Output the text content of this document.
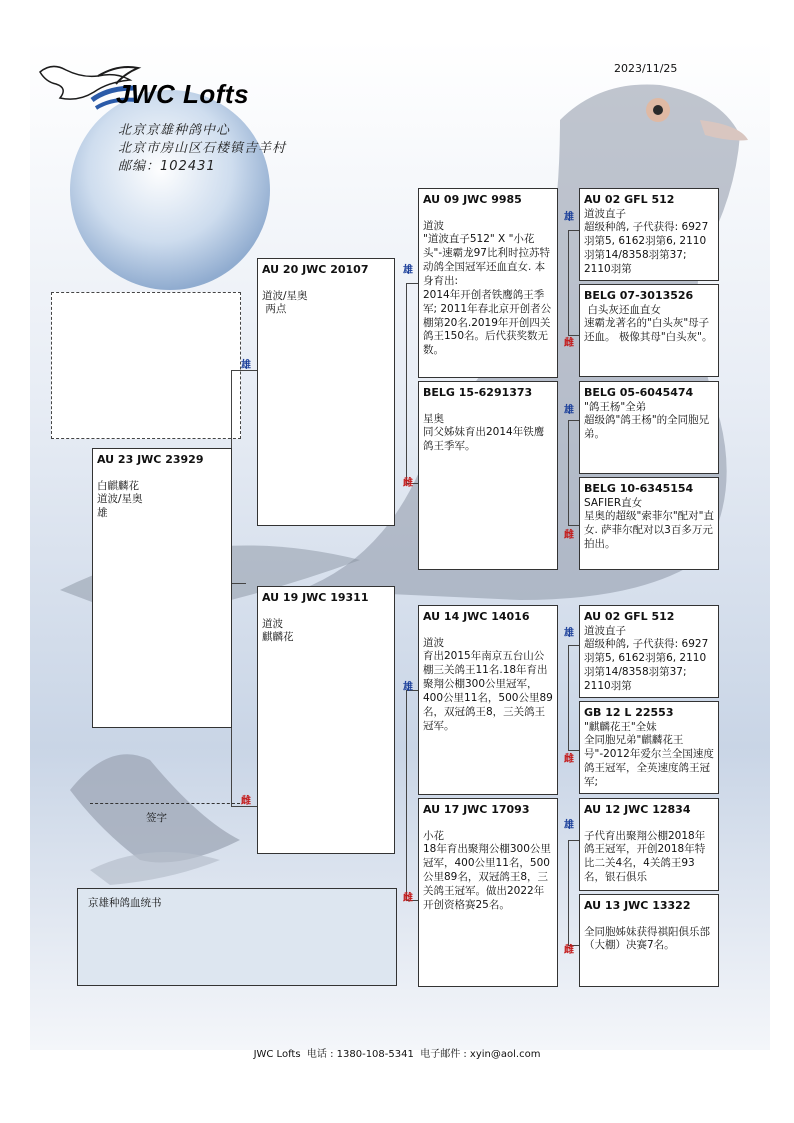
JWC Lofts
北京京雄种鸽中心
北京市房山区石楼镇吉羊村
邮编：102431
2023/11/25
雄
雌
雄
雌
雄
雌
雄
雌
雄
雌
雄
雌
雄
雌
AU 23 JWC 23929
白麒麟花
道波/星奥
雄
AU 20 JWC 20107
道波/星奥
两点
AU 19 JWC 19311
道波
麒麟花
AU 09 JWC 9985
道波
"道波直子512" X "小花头"-速霸龙97比利时拉苏特动鸽全国冠军还血直女. 本身育出:
2014年开创者铁鹰鸽王季军; 2011年春北京开创者公棚第20名.2019年开创四关鸽王150名。后代获奖数无数。
BELG 15-6291373
星奥
同父姊妹育出2014年铁鹰鸽王季军。
AU 14 JWC 14016
道波
育出2015年南京五台山公棚三关鸽王11名.18年育出聚翔公棚300公里冠军，400公里11名，500公里89名，双冠鸽王8，三关鸽王冠军。
AU 17 JWC 17093
小花
18年育出聚翔公棚300公里冠军，400公里11名，500公里89名，双冠鸽王8，三关鸽王冠军。做出2022年开创资格赛25名。
AU 02 GFL 512
道波直子
超级种鸽, 子代获得: 6927羽第5, 6162羽第6, 2110羽第14/8358羽第37; 2110羽第
BELG 07-3013526
白头灰还血直女
速霸龙著名的"白头灰"母子还血。 极像其母"白头灰"。
BELG 05-6045474
"鸽王杨"全弟
超级鸽"鸽王杨"的全同胞兄弟。
BELG 10-6345154
SAFIER直女
星奥的超级"索菲尔"配对"直女. 萨菲尔配对以3百多万元拍出。
AU 02 GFL 512
道波直子
超级种鸽, 子代获得: 6927羽第5, 6162羽第6, 2110羽第14/8358羽第37; 2110羽第
GB 12 L 22553
"麒麟花王"全妹
全同胞兄弟"麒麟花王号"-2012年爱尔兰全国速度鸽王冠军，全英速度鸽王冠军;
AU 12 JWC 12834
子代育出聚翔公棚2018年鸽王冠军，开创2018年特比二关4名，4关鸽王93名，银石俱乐
AU 13 JWC 13322
全同胞姊妹获得祺阳俱乐部（大棚）决赛7名。
签字
京雄种鸽血统书
JWC Lofts  电话 : 1380-108-5341  电子邮件 : xyin@aol.com
